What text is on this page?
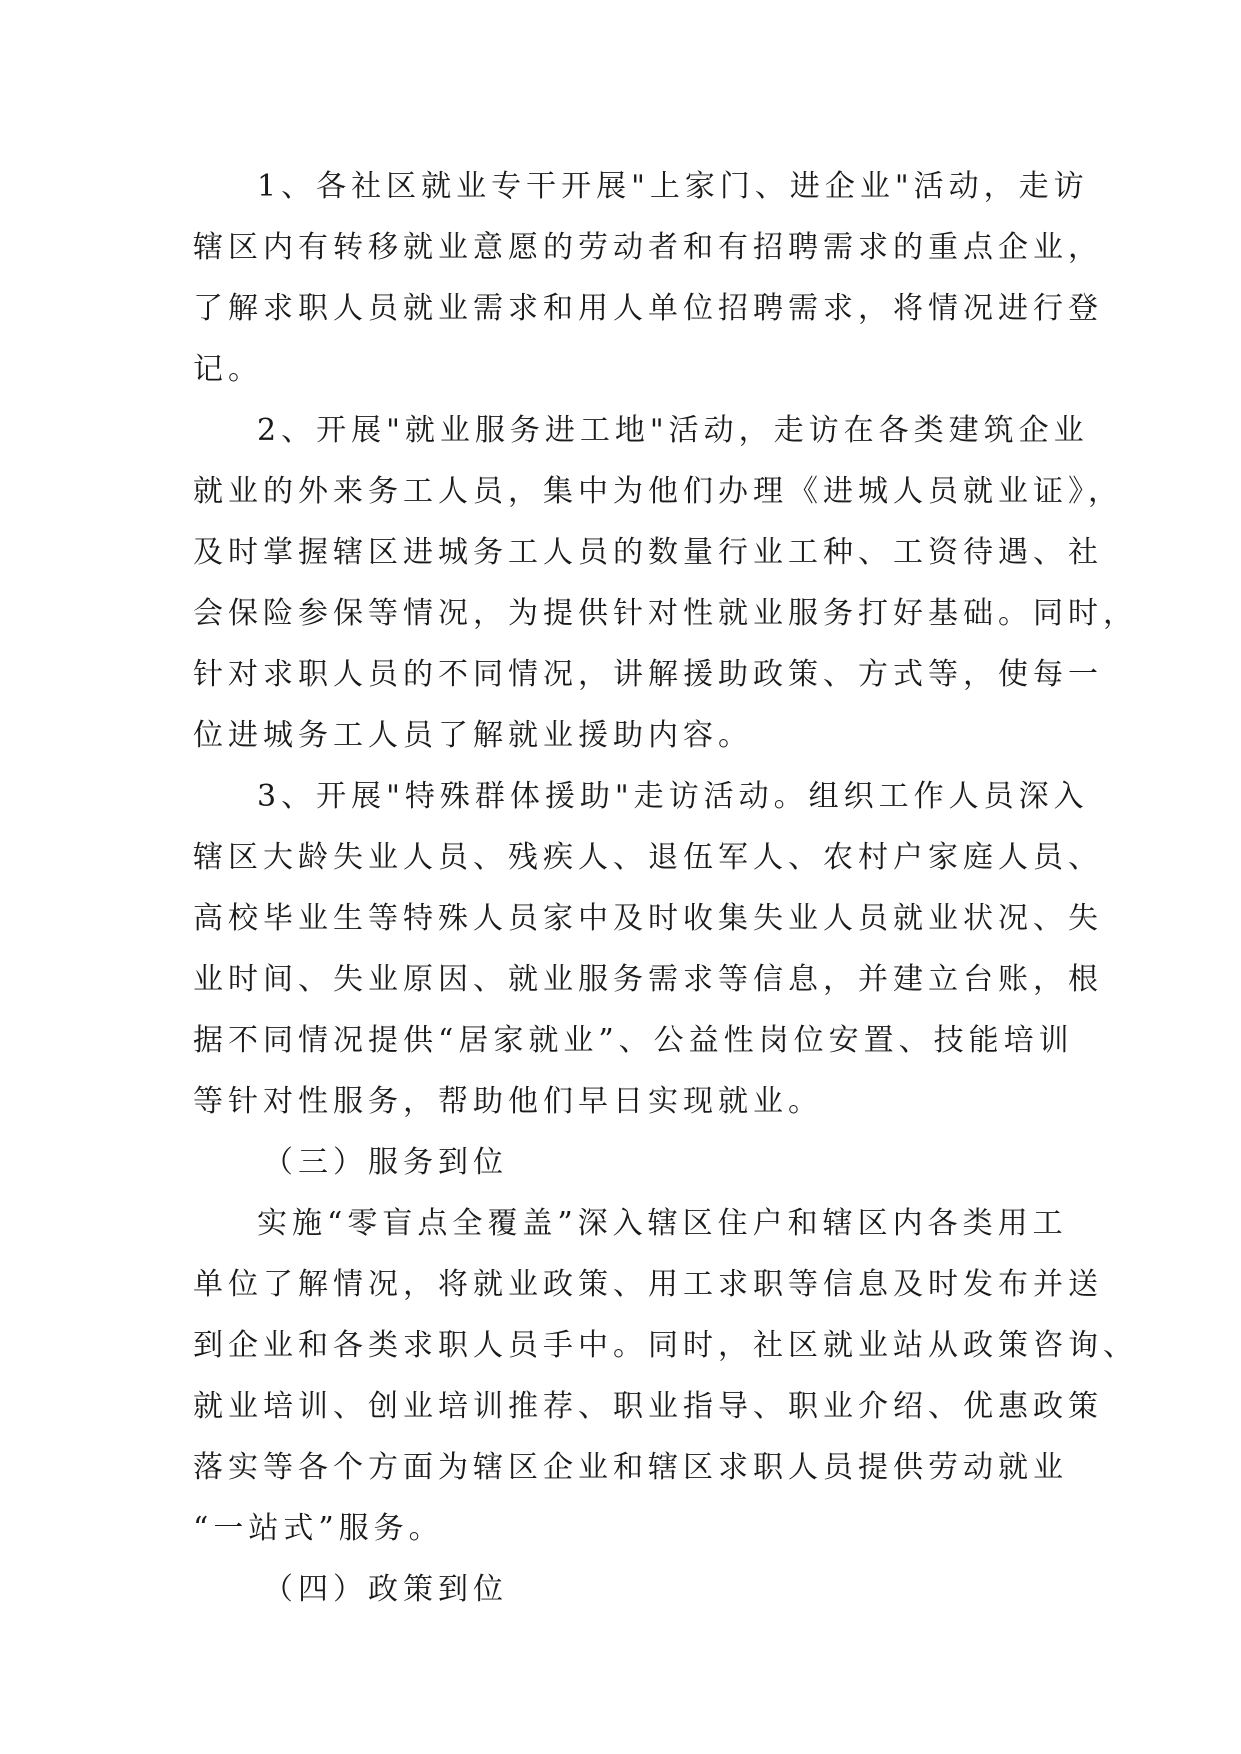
1、各社区就业专干开展"上家门、进企业"活动，走访
辖区内有转移就业意愿的劳动者和有招聘需求的重点企业，
了解求职人员就业需求和用人单位招聘需求，将情况进行登
记。
2、开展"就业服务进工地"活动，走访在各类建筑企业
就业的外来务工人员，集中为他们办理《进城人员就业证》，
及时掌握辖区进城务工人员的数量行业工种、工资待遇、社
会保险参保等情况，为提供针对性就业服务打好基础。同时，
针对求职人员的不同情况，讲解援助政策、方式等，使每一
位进城务工人员了解就业援助内容。
3、开展"特殊群体援助"走访活动。组织工作人员深入
辖区大龄失业人员、残疾人、退伍军人、农村户家庭人员、
高校毕业生等特殊人员家中及时收集失业人员就业状况、失
业时间、失业原因、就业服务需求等信息，并建立台账，根
据不同情况提供“居家就业”、公益性岗位安置、技能培训
等针对性服务，帮助他们早日实现就业。
（三）服务到位
实施“零盲点全覆盖”深入辖区住户和辖区内各类用工
单位了解情况，将就业政策、用工求职等信息及时发布并送
到企业和各类求职人员手中。同时，社区就业站从政策咨询、
就业培训、创业培训推荐、职业指导、职业介绍、优惠政策
落实等各个方面为辖区企业和辖区求职人员提供劳动就业
“一站式”服务。
（四）政策到位
